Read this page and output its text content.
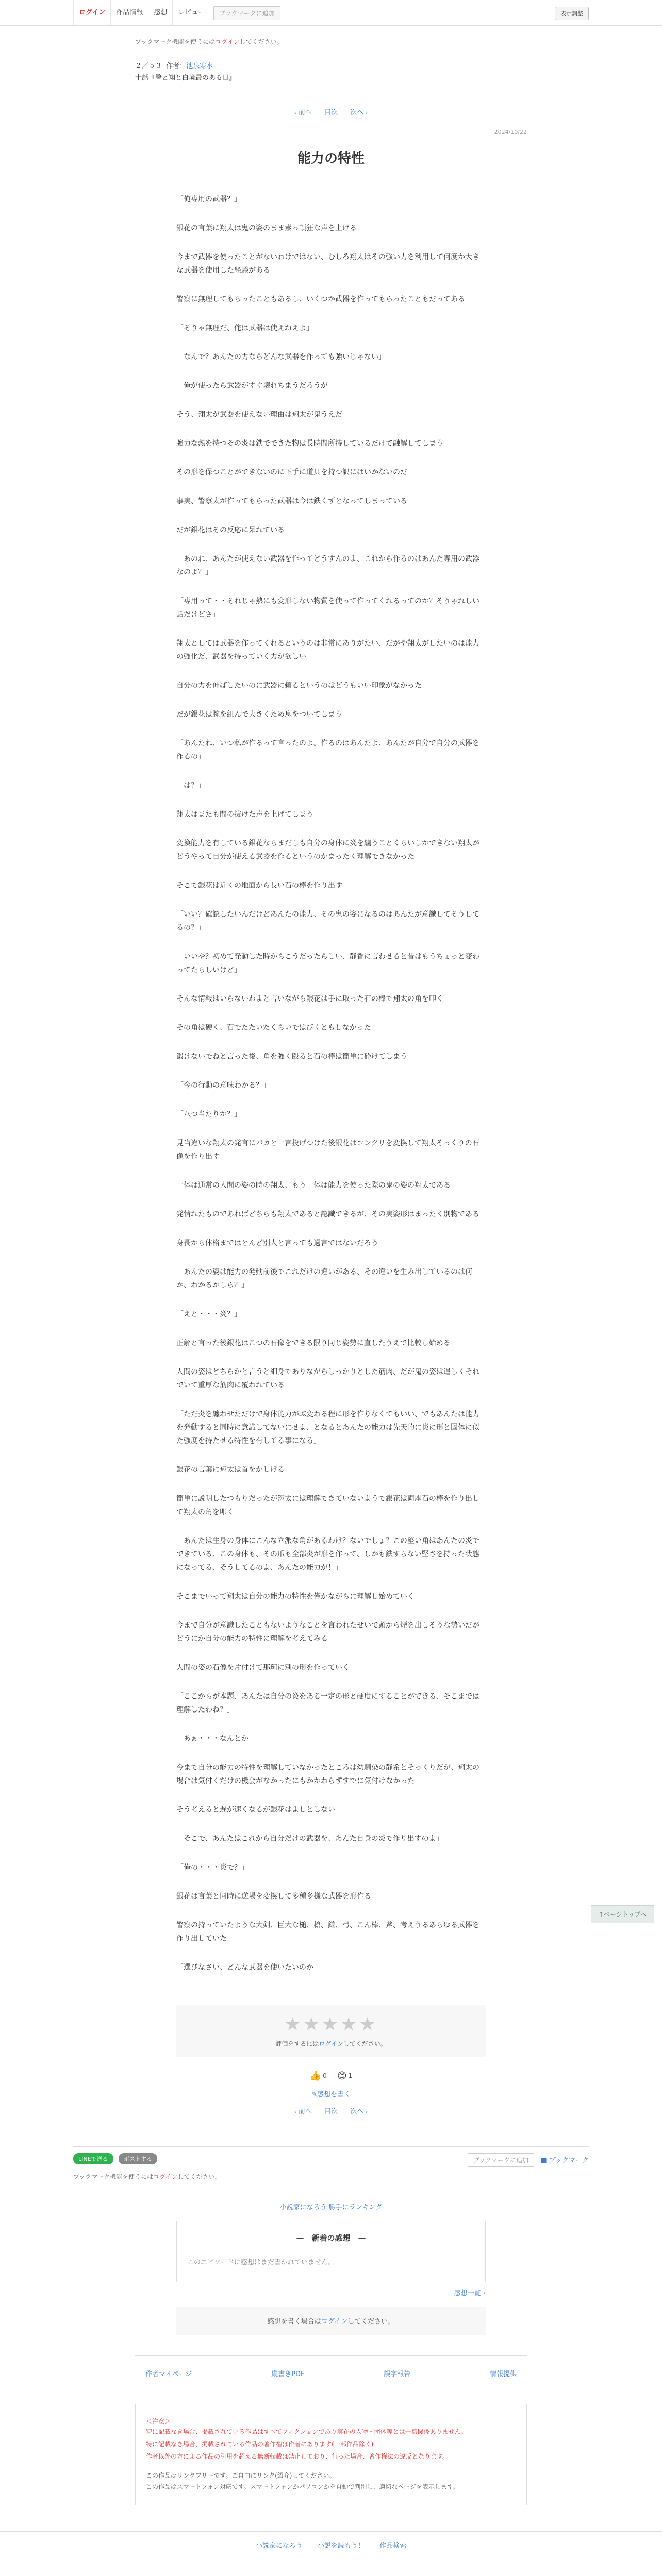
ログイン	作品情報	感想	レビュー	ブックマークに追加	表示調整

ブックマーク機能を使うにはログインしてください。

２／５３ 作者：池泉寒水

十話『警と翔と白境最のある日』

‹ 前へ 目次 次へ ›

2024/10/22

能力の特性

「俺専用の武器？」

銀花の言葉に翔太は鬼の姿のまま素っ頓狂な声を上げる

今まで武器を使ったことがないわけではない、むしろ翔太はその強い力を利用して何度か大きな武器を使用した経験がある

警察に無理してもらったこともあるし、いくつか武器を作ってもらったこともだってある

「そりゃ無理だ、俺は武器は使えねえよ」

「なんで？あんたの力ならどんな武器を作っても強いじゃない」

「俺が使ったら武器がすぐ壊れちまうだろうが」

そう、翔太が武器を使えない理由は翔太が鬼うえだ

強力な熱を持つその炎は鉄でできた物は長時間所持しているだけで融解してしまう

その形を保つことができないのに下手に道具を持つ訳にはいかないのだ

事実、警察太が作ってもらった武器は今は鉄くずとなってしまっている

だが銀花はその反応に呆れている

「あのね、あんたが使えない武器を作ってどうすんのよ、これから作るのはあんた専用の武器なのよ？」

「専用って・・それじゃ熱にも変形しない物質を使って作ってくれるってのか？そうゃれしい話だけどさ」

翔太としては武器を作ってくれるというのは非常にありがたい、だがや翔太がしたいのは能力の強化だ、武器を持っていく力が欲しい

自分の力を伸ばしたいのに武器に頼るというのはどうもいい印象がなかった

だが銀花は腕を組んで大きくため息をついてしまう

「あんたね、いつ私が作るって言ったのよ。作るのはあんたよ、あんたが自分で自分の武器を作るの」

「は？」

翔太はまたも間の抜けた声を上げてしまう

変換能力を有している銀花ならまだしも自分の身体に炎を纏うことくらいしかできない翔太がどうやって自分が使える武器を作るというのかまったく理解できなかった

そこで銀花は近くの地面から長い石の棒を作り出す

「いい？確認したいんだけどあんたの能力、その鬼の姿になるのはあんたが意識してそうしてるの？」

「いいや？初めて発動した時からこうだったらしい、静香に言わせると昔はもうちょっと変わってたらしいけど」

そんな情報はいらないわよと言いながら銀花は手に取った石の棒で翔太の角を叩く

その角は硬く、石でたたいたくらいではびくともしなかった

鍛けないでねと言った後、角を強く殴ると石の棒は簡単に砕けてしまう

「今の行動の意味わかる？」

「八つ当たりか？」

見当違いな翔太の発言にバカと一言投げつけた後銀花はコンクリを変換して翔太そっくりの石像を作り出す

一体は通常の人間の姿の時の翔太、もう一体は能力を使った際の鬼の姿の翔太である

発情れたものであればどちらも翔太であると認識できるが、その実姿形はまったく別物である

身長から体格まではとんど別人と言っても過言ではないだろう

「あんたの姿は能力の発動前後でこれだけの違いがある、その違いを生み出しているのは何か、わかるかしら？」

「えと・・・炎？」

正解と言った後銀花はこつの石像をできる限り同じ姿勢に直したうえで比較し始める

人間の姿はどちらかと言うと細身でありながらしっかりとした筋肉、だが鬼の姿は逞しくそれでいて重厚な筋肉に覆われている

「ただ炎を纏わせただけで身体能力がぶ変わる程に形を作りなくてもいい、でもあんたは能力を発動すると同時に意識してないにせよ、となるとあんたの能力は先天的に炎に形と固体に似た強度を持たせる特性を有してる事になる」

銀花の言葉に翔太は首をかしげる

簡単に説明したつもりだったが翔太には理解できていないようで銀花は両座石の棒を作り出して翔太の角を叩く

「あんたは生身の身体にこんな立派な角があるわけ？ないでしょ？この堅い角はあんたの炎でできている、この身体も、その爪も全部炎が形を作って、しかも鉄すらない堅さを持った状態になってる、そうしてるのよ、あんたの能力が！」

そこまでいって翔太は自分の能力の特性を僅かながらに理解し始めていく

今まで自分が意識したこともないようなことを言われたせいで頭から煙を出しそうな勢いだがどうにか自分の能力の特性に理解を考えてみる

人間の姿の石像を片付けて那珂に別の形を作っていく

「ここからが本題、あんたは自分の炎をある一定の形と硬度にすることができる、そこまでは理解したわね？」

「あぁ・・・なんとか」

今まで自分の能力の特性を理解していなかったところは幼馴染の静希とそっくりだが、翔太の場合は気付くだけの機会がなかったにもかかわらずすでに気付けなかった

そう考えると遅が速くなるが銀花はよしとしない

「そこで、あんたはこれから自分だけの武器を、あんた自身の炎で作り出すのよ」

「俺の・・・炎で？」

銀花は言葉と同時に逆場を変換して多種多様な武器を形作る

警察の持っていたような大剣、巨大な槌、槍、鎌、弓、こん棒、斧、考えうるあらゆる武器を作り出していた

「選びなさい、どんな武器を使いたいのか」

★★★★★

評価をするにはログインしてください。

👍 0 😊 1
✎感想を書く
‹ 前へ 目次 次へ ›
LINEで送る	ポストする	ブックマークに追加 ■ ブックマーク

ブックマーク機能を使うにはログインしてください。

小説家になろう 勝手にランキング

—　新着の感想　—

このエピソードに感想はまだ書かれていません。

感想一覧 ›
感想を書く場合はログインしてください。
作者マイページ	縦書きPDF	誤字報告	情報提供

＜注意＞

特に記載なき場合、掲載されている作品はすべてフィクションであり実在の人物・団体等とは一切関係ありません。

特に記載なき場合、掲載されている作品の著作権は作者にあります(一部作品除く)。

作者以外の方による作品の引用を超える無断転載は禁止しており、行った場合、著作権法の違反となります。

この作品はリンクフリーです。ご自由にリンク(紹介)してください。

この作品はスマートフォン対応です。スマートフォンかパソコンかを自動で判別し、適切なページを表示します。

小説家になろう ｜ 小説を読もう！ ｜ 作品検索
↑ページトップへ
